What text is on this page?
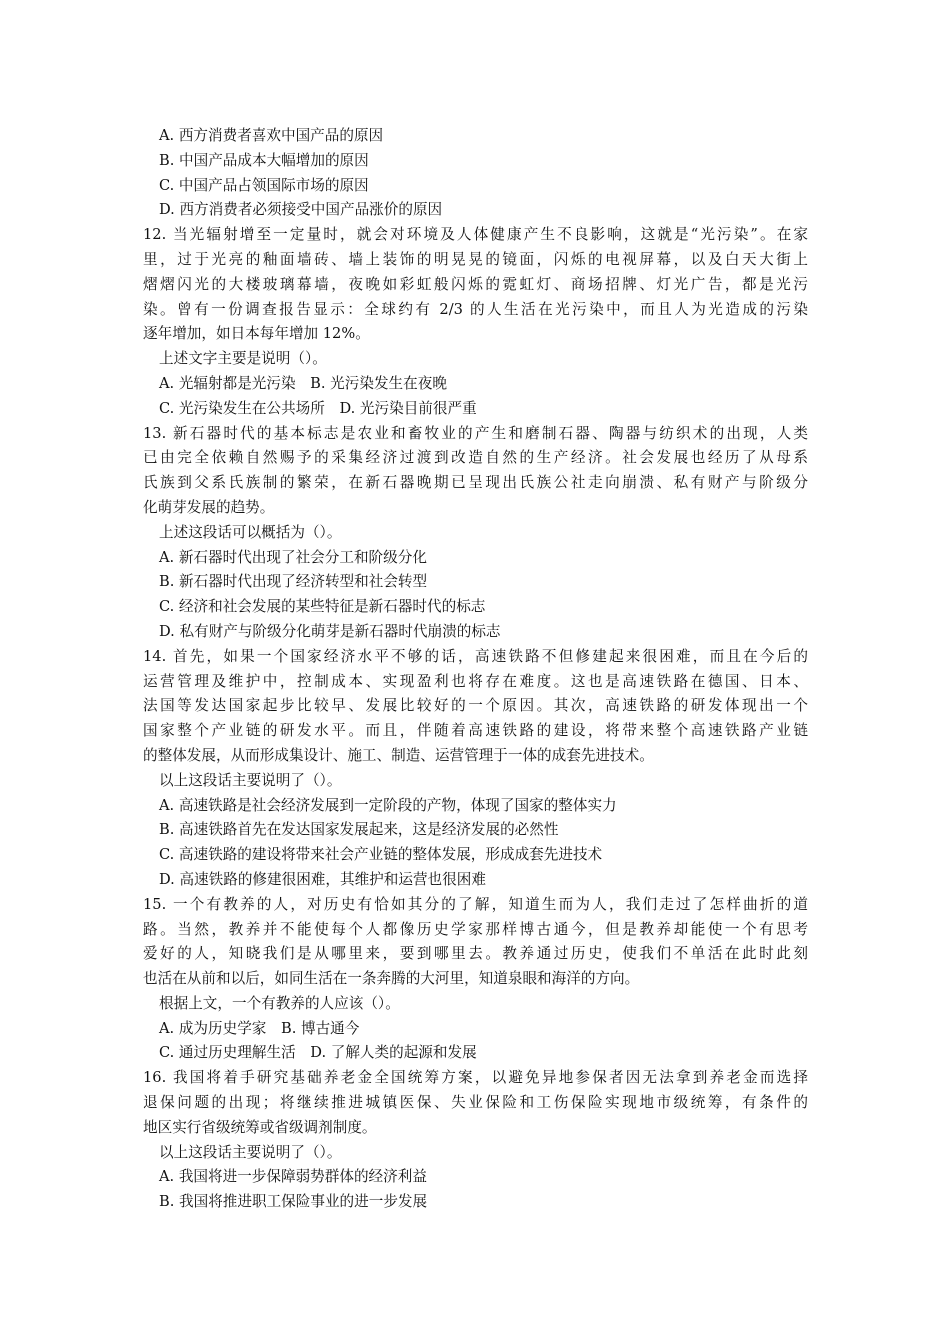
A. 西方消费者喜欢中国产品的原因
B. 中国产品成本大幅增加的原因
C. 中国产品占领国际市场的原因
D. 西方消费者必须接受中国产品涨价的原因
12. 当光辐射增至一定量时，就会对环境及人体健康产生不良影响，这就是“光污染”。在家
里，过于光亮的釉面墙砖、墙上装饰的明晃晃的镜面，闪烁的电视屏幕，以及白天大街上
熠熠闪光的大楼玻璃幕墙，夜晚如彩虹般闪烁的霓虹灯、商场招牌、灯光广告，都是光污
染。曾有一份调查报告显示：全球约有 2/3 的人生活在光污染中，而且人为光造成的污染
逐年增加，如日本每年增加 12%。
上述文字主要是说明（）。
A. 光辐射都是光污染　B. 光污染发生在夜晚
C. 光污染发生在公共场所　D. 光污染目前很严重
13. 新石器时代的基本标志是农业和畜牧业的产生和磨制石器、陶器与纺织术的出现，人类
已由完全依赖自然赐予的采集经济过渡到改造自然的生产经济。社会发展也经历了从母系
氏族到父系氏族制的繁荣，在新石器晚期已呈现出氏族公社走向崩溃、私有财产与阶级分
化萌芽发展的趋势。
上述这段话可以概括为（）。
A. 新石器时代出现了社会分工和阶级分化
B. 新石器时代出现了经济转型和社会转型
C. 经济和社会发展的某些特征是新石器时代的标志
D. 私有财产与阶级分化萌芽是新石器时代崩溃的标志
14. 首先，如果一个国家经济水平不够的话，高速铁路不但修建起来很困难，而且在今后的
运营管理及维护中，控制成本、实现盈利也将存在难度。这也是高速铁路在德国、日本、
法国等发达国家起步比较早、发展比较好的一个原因。其次，高速铁路的研发体现出一个
国家整个产业链的研发水平。而且，伴随着高速铁路的建设，将带来整个高速铁路产业链
的整体发展，从而形成集设计、施工、制造、运营管理于一体的成套先进技术。
以上这段话主要说明了（）。
A. 高速铁路是社会经济发展到一定阶段的产物，体现了国家的整体实力
B. 高速铁路首先在发达国家发展起来，这是经济发展的必然性
C. 高速铁路的建设将带来社会产业链的整体发展，形成成套先进技术
D. 高速铁路的修建很困难，其维护和运营也很困难
15. 一个有教养的人，对历史有恰如其分的了解，知道生而为人，我们走过了怎样曲折的道
路。当然，教养并不能使每个人都像历史学家那样博古通今，但是教养却能使一个有思考
爱好的人，知晓我们是从哪里来，要到哪里去。教养通过历史，使我们不单活在此时此刻
也活在从前和以后，如同生活在一条奔腾的大河里，知道泉眼和海洋的方向。
根据上文，一个有教养的人应该（）。
A. 成为历史学家　B. 博古通今
C. 通过历史理解生活　D. 了解人类的起源和发展
16. 我国将着手研究基础养老金全国统筹方案，以避免异地参保者因无法拿到养老金而选择
退保问题的出现；将继续推进城镇医保、失业保险和工伤保险实现地市级统筹，有条件的
地区实行省级统筹或省级调剂制度。
以上这段话主要说明了（）。
A. 我国将进一步保障弱势群体的经济利益
B. 我国将推进职工保险事业的进一步发展
